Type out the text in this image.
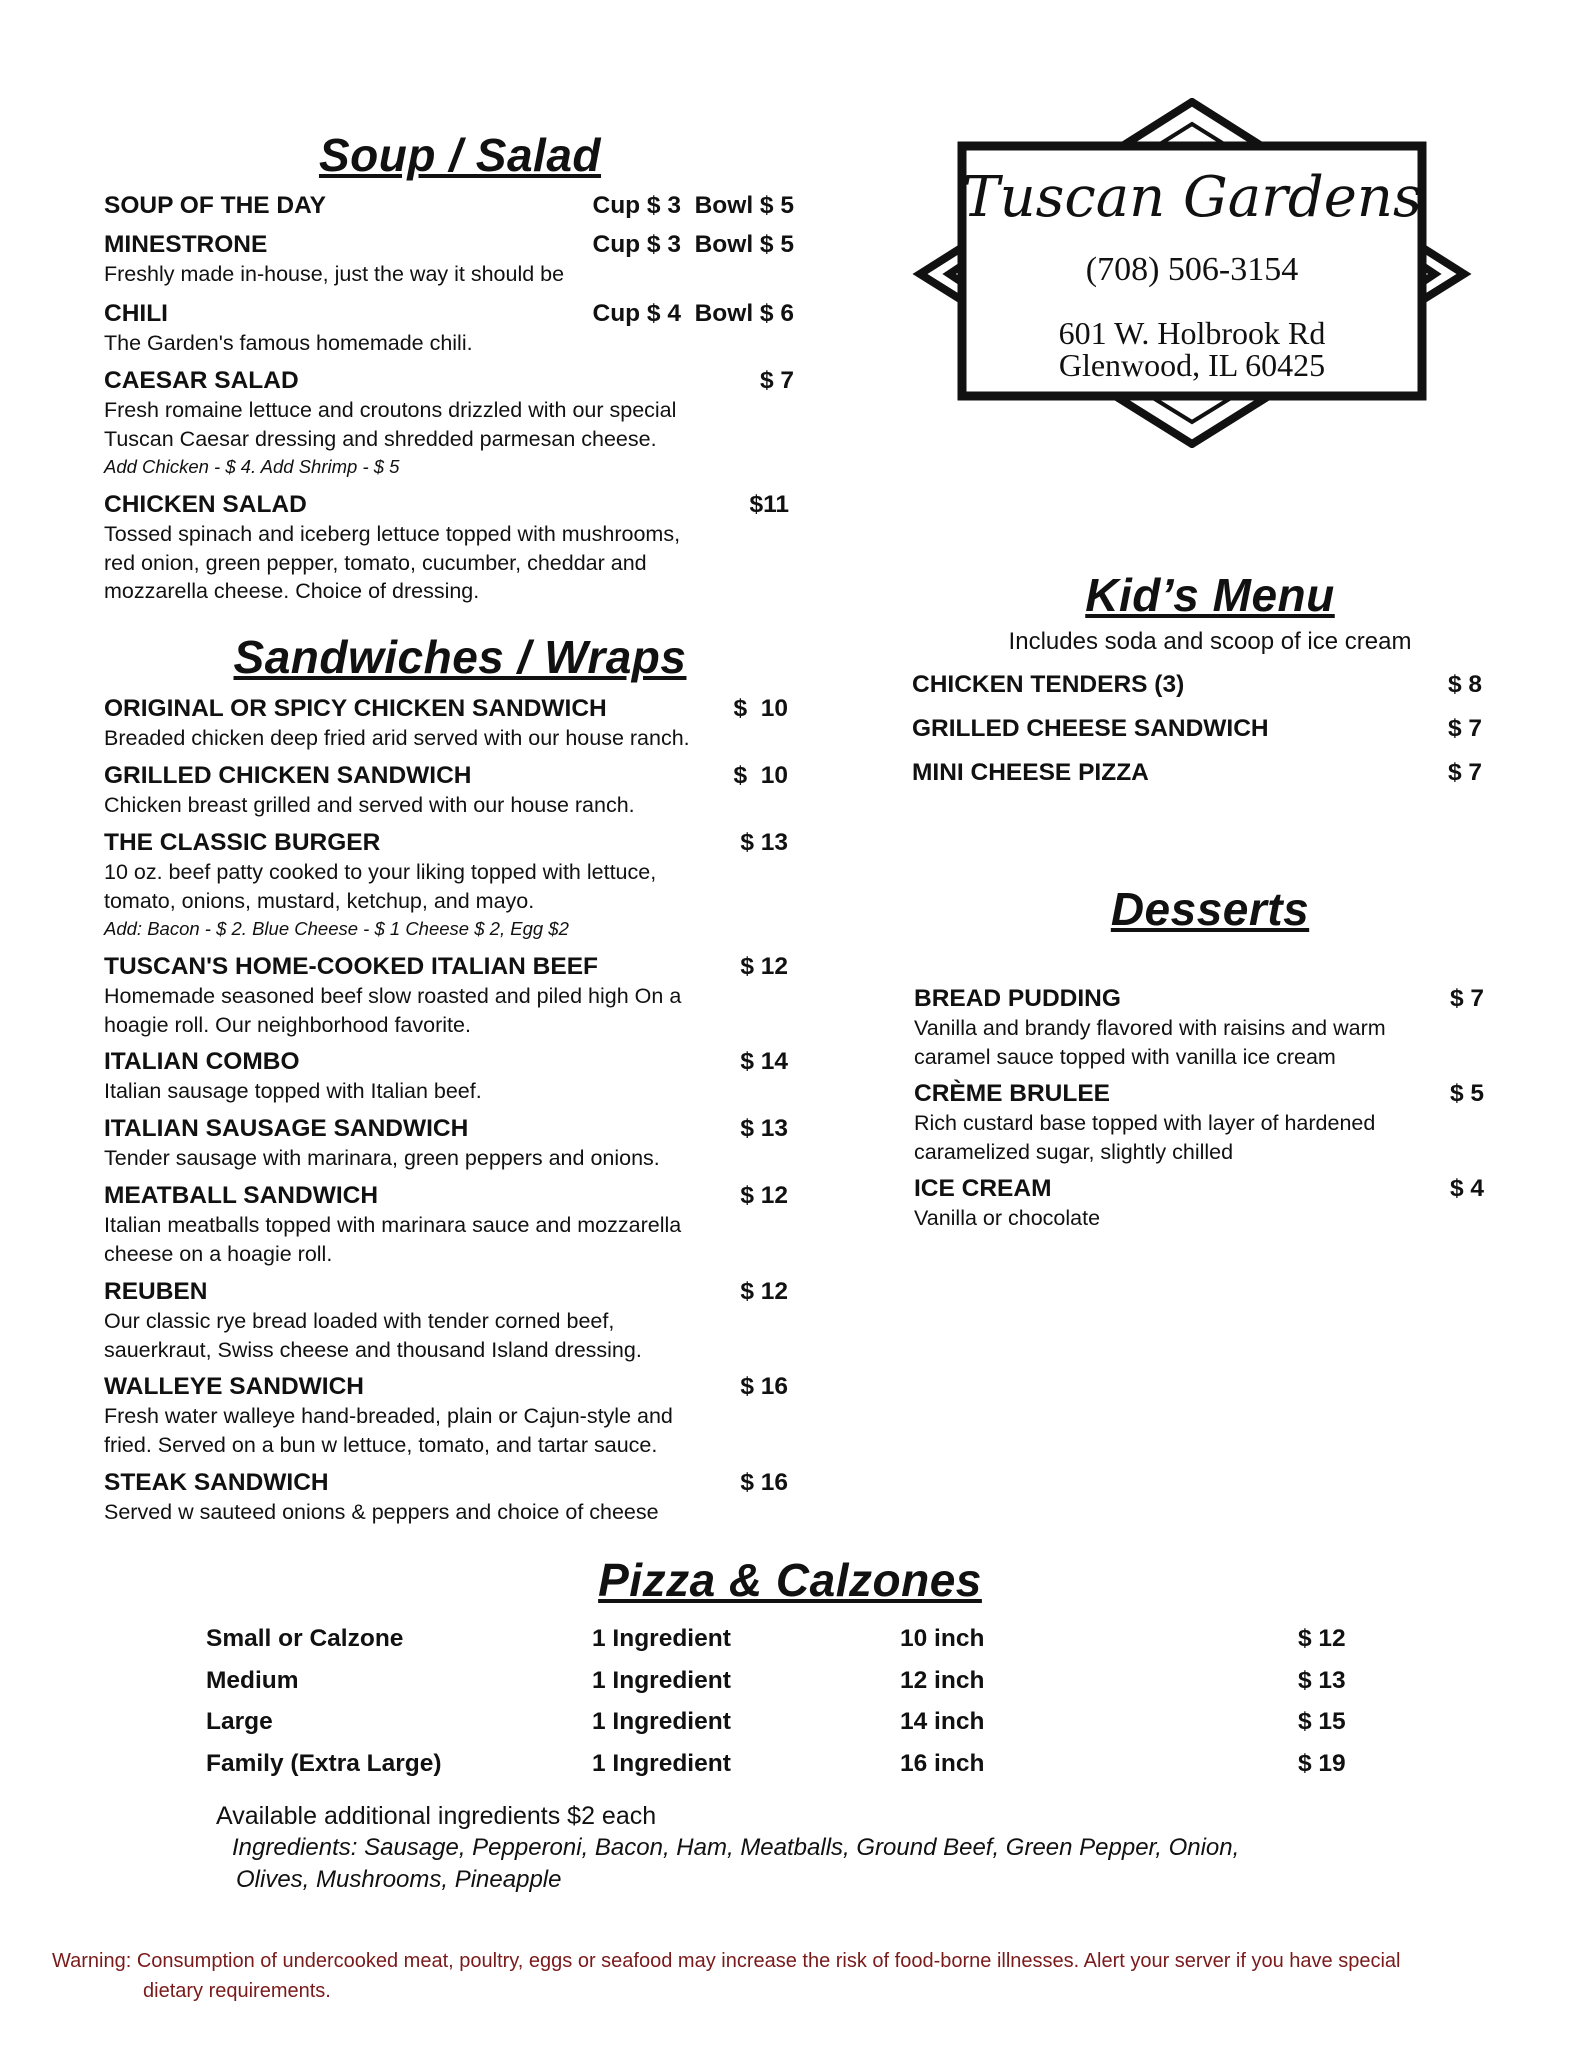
Soup / Salad
SOUP OF THE DAY	Cup $ 3  Bowl $ 5
MINESTRONE	Cup $ 3  Bowl $ 5
Freshly made in-house, just the way it should be
CHILI	Cup $ 4  Bowl $ 6
The Garden's famous homemade chili.
CAESAR SALAD	$ 7
Fresh romaine lettuce and croutons drizzled with our special
Tuscan Caesar dressing and shredded parmesan cheese.
Add Chicken - $ 4. Add Shrimp - $ 5
CHICKEN SALAD	$11
Tossed spinach and iceberg lettuce topped with mushrooms,
red onion, green pepper, tomato, cucumber, cheddar and
mozzarella cheese. Choice of dressing.
Sandwiches / Wraps
ORIGINAL OR SPICY CHICKEN SANDWICH	$  10
Breaded chicken deep fried arid served with our house ranch.
GRILLED CHICKEN SANDWICH	$  10
Chicken breast grilled and served with our house ranch.
THE CLASSIC BURGER	$ 13
10 oz. beef patty cooked to your liking topped with lettuce,
tomato, onions, mustard, ketchup, and mayo.
Add: Bacon - $ 2. Blue Cheese - $ 1 Cheese $ 2, Egg $2
TUSCAN'S HOME-COOKED ITALIAN BEEF	$ 12
Homemade seasoned beef slow roasted and piled high On a
hoagie roll. Our neighborhood favorite.
ITALIAN COMBO	$ 14
Italian sausage topped with Italian beef.
ITALIAN SAUSAGE SANDWICH	$ 13
Tender sausage with marinara, green peppers and onions.
MEATBALL SANDWICH	$ 12
Italian meatballs topped with marinara sauce and mozzarella
cheese on a hoagie roll.
REUBEN	$ 12
Our classic rye bread loaded with tender corned beef,
sauerkraut, Swiss cheese and thousand Island dressing.
WALLEYE SANDWICH	$ 16
Fresh water walleye hand-breaded, plain or Cajun-style and
fried. Served on a bun w lettuce, tomato, and tartar sauce.
STEAK SANDWICH	$ 16
Served w sauteed onions & peppers and choice of cheese
Tuscan Gardens
(708) 506-3154
601 W. Holbrook Rd
Glenwood, IL 60425
Kid’s Menu
Includes soda and scoop of ice cream
CHICKEN TENDERS (3)	$ 8
GRILLED CHEESE SANDWICH	$ 7
MINI CHEESE PIZZA	$ 7
Desserts
BREAD PUDDING	$ 7
Vanilla and brandy flavored with raisins and warm
caramel sauce topped with vanilla ice cream
CRÈME BRULEE	$ 5
Rich custard base topped with layer of hardened
caramelized sugar, slightly chilled
ICE CREAM	$ 4
Vanilla or chocolate
Pizza & Calzones
Small or Calzone	1 Ingredient	10 inch	$ 12
Medium	1 Ingredient	12 inch	$ 13
Large	1 Ingredient	14 inch	$ 15
Family (Extra Large)	1 Ingredient	16 inch	$ 19
Available additional ingredients $2 each
Ingredients: Sausage, Pepperoni, Bacon, Ham, Meatballs, Ground Beef, Green Pepper, Onion,
Olives, Mushrooms, Pineapple
Warning: Consumption of undercooked meat, poultry, eggs or seafood may increase the risk of food-borne illnesses. Alert your server if you have special
dietary requirements.
